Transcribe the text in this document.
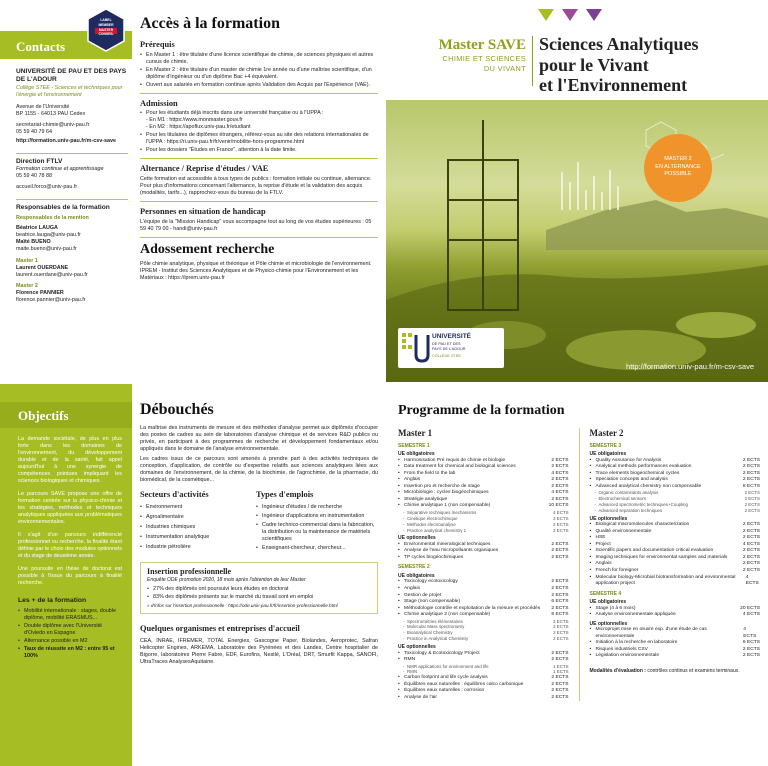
Contacts
LABEL MEMBER MASTER CONSEIL
UNIVERSITÉ DE PAU ET DES PAYS DE L'ADOUR
Collège STEE - Sciences et techniques pour l'énergie et l'environnement
Avenue de l'Université
BP 1155 - 64013 PAU Cedex
secretariat-chimie@univ-pau.fr
05 59 40 79 64
http://formation.univ-pau.fr/m-csv-save
Direction FTLV
Formation continue et apprentissage
05 59 40 78 88
accueil.forco@univ-pau.fr
Responsables de la formation
Responsables de la mention
Béatrice LAUGA
beatrice.lauga@univ-pau.fr
Maïté BUENO
maite.bueno@univ-pau.fr
Master 1
Laurent OUERDANE
laurent.ouerdane@univ-pau.fr
Master 2
Florence PANNIER
florence.pannier@univ-pau.fr
Accès à la formation
Prérequis
• En Master 1 : être titulaire d'une licence scientifique de chimie, de sciences physiques et autres cursus de chimie.
• En Master 2 : être titulaire d'un master de chimie 1re année ou d'une maîtrise scientifique, d'un diplôme d'ingénieur ou d'un diplôme Bac +4 équivalent.
• Ouvert aux salariés en formation continue après Validation des Acquis par l'Expérience (VAE).
Admission
• Pour les étudiants déjà inscrits dans une université française ou à l'UPPA :
- En M1 : https://www.monmaster.gouv.fr
- En M2 : https://apoflux.univ-pau.fr/etudiant
• Pour les titulaires de diplômes étrangers, référez-vous au site des relations internationales de l'UPPA : https://ri.univ-pau.fr/fr/venir/mobilite-hors-programme.html
• Pour les dossiers "Études en France", attention à la date limite.
Alternance / Reprise d'études / VAE
Cette formation est accessible à tous types de publics : formation initiale ou continue, alternance. Pour plus d'informations concernant l'alternance, la reprise d'étude et la validation des acquis (modalités, tarifs...), rapprochez-vous du bureau de la FTLV.
Personnes en situation de handicap
L'équipe de la "Mission Handicap" vous accompagne tout au long de vos études supérieures : 05 59 40 79 00 - handi@univ-pau.fr
Adossement recherche
Pôle chimie analytique, physique et théorique et Pôle chimie et microbiologie de l'environnement. IPREM - Institut des Sciences Analytiques et de Physico-chimie pour l'Environnement et les Matériaux : https://iprem.univ-pau.fr
Master SAVE
CHIMIE ET SCIENCES
DU VIVANT
Sciences Analytiques
pour le Vivant
et l'Environnement
MASTER 2
EN ALTERNANCE
POSSIBLE
UNIVERSITÉ
DE PAU ET DES
PAYS DE L'ADOUR
COLLÈGE STEE
http://formation.univ-pau.fr/m-csv-save
Objectifs
La demande sociétale, de plus en plus forte dans les domaines de l'environnement, du développement durable et de la santé, fait appel aujourd'hui à une synergie de compétences pointues impliquant les sciences biologiques et chimiques.
Le parcours SAVE propose une offre de formation centrée sur la physico-chimie et les stratégies, méthodes et techniques analytiques appliquées aux problématiques environnementales.
Il s'agit d'un parcours indifférencié professionnel ou recherche, la finalité étant définie par le choix des modules optionnels et du stage de deuxième année.
Une poursuite en thèse de doctorat est possible à l'issue du parcours à finalité recherche.
Les + de la formation
• Mobilité internationale : stages, double diplôme, mobilité ERASMUS...
• Double diplôme avec l'Université d'Oviedo en Espagne
• Alternance possible en M2
• Taux de réussite en M2 : entre 95 et 100%
Débouchés
La maîtrise des instruments de mesure et des méthodes d'analyse permet aux diplômés d'occuper des postes de cadres au sein de laboratoires d'analyse chimique et de services R&D publics ou privés, en participant à des programmes de recherche et développement fondamentaux et/ou appliqués dans le domaine de l'analyse environnementale.
Les cadres issus de ce parcours sont amenés à prendre part à des activités techniques de conception, d'application, de contrôle ou d'expertise relatifs aux sciences analytiques liées aux domaines de l'environnement, de la chimie, de la biochimie, de l'agrochimie, de la pharmacie, du biomédical, de la cosmétique...
Secteurs d'activités
• Environnement
• Agroalimentaire
• Industries chimiques
• Instrumentation analytique
• Industrie pétrolière
Types d'emplois
• Ingénieur d'études / de recherche
• Ingénieur d'applications en instrumentation
• Cadre technico-commercial dans la fabrication, la distribution ou la maintenance de matériels scientifiques
• Enseignant-chercheur, chercheur...
Insertion professionnelle
Enquête ODE promotion 2020, 18 mois après l'obtention de leur Master
• 27% des diplômés ont poursuivi leurs études en doctorat
• 83% des diplômés présents sur le marché du travail sont en emploi
» d'infos sur l'insertion professionnelle : https://ode.univ-pau.fr/fr/insertion-professionnelle.html
Quelques organismes et entreprises d'accueil
CEA, INRAE, IFREMER, TOTAL Energies, Gascogne Paper, Biolandes, Aeroprotec, Safran Helicopter Engines, ARKEMA, Laboratoire des Pyrénées et des Landes, Centre hospitalier de Bigorre, laboratoires Pierre Fabre, EDF, Eurofins, Nestlé, L'Oréal, DRT, Smurfit Kappa, SANOFI, UltraTraces AnalysesAquitaine.
Programme de la formation
Master 1
SEMESTRE 1
UE obligatoires
• Harmonisation Pré requis de chimie et biologie	2 ECTS
• Data treatment for chemical and biological sciences	2 ECTS
• From the field to the lab	4 ECTS
• Anglais	2 ECTS
• Insertion pro et recherche de stage	2 ECTS
• Microbiologie : cycles biogéochimiques	4 ECTS
• Stratégie analytique	2 ECTS
• Chimie analytique 1 (non compensable)	10 ECTS
- Séparative techniques mechanisms	4 ECTS
- Cinétique électrochimique	2 ECTS
- Méthodes électroanalyse	2 ECTS
- Practice analytical chemistry 1	2 ECTS
UE optionnelles
• Environmental mineralogical techniques	2 ECTS
• Analyse de l'eau micropolluants organiques	2 ECTS
• TP cycles biogéochimiques	2 ECTS
SEMESTRE 2
UE obligatoires
• Toxicology ecotoxicology	2 ECTS
• Anglais	2 ECTS
• Gestion de projet	2 ECTS
• Stage (non compensable)	6 ECTS
• Méthodologie contrôle et exploitation de la mesure et procédés 2 ECTS
• Chimie analytique 2 (non compensable)	8 ECTS
- Spectrométries élémentaires	2 ECTS
- Molecular Mass spectrometry	2 ECTS
- Bioanalytical Chemistry	2 ECTS
- Practice in Analytical Chemistry	2 ECTS
UE optionnelles
• Toxicology & Ecotoxicology Project	2 ECTS
• RMN	2 ECTS
- NMR applications for environment and life	1 ECTS
- RMN	1 ECTS
• Carbon footprint and life cycle analysis	2 ECTS
• Équilibres eaux naturelles : équilibres calco carbonique	2 ECTS
• Équilibres eaux naturelles : corrosion	2 ECTS
• Analyse de l'air	2 ECTS
Master 2
SEMESTRE 3
UE obligatoires
• Quality Assurance for Analysis	2 ECTS
• Analytical methods performances evaluation	2 ECTS
• Trace elements biogeochemical cycles	2 ECTS
• Speciation concepts and analysis	2 ECTS
• Advanced analytical chemistry non compensable	8 ECTS
- Organic contaminants analysis	2 ECTS
- Electrochemical sensors	2 ECTS
- Advanced spectrometric techniques+Coupling	2 ECTS
- Advanced separation techniques	2 ECTS
UE optionnelles
• Biological macromolecules characterization	2 ECTS
• Qualité environnementale	2 ECTS
• HSE	2 ECTS
• Project	4 ECTS
• Scientific papers and documentation critical evaluation	2 ECTS
• Imaging techniques for environmental samples and materials	2 ECTS
• Anglais	2 ECTS
• French for foreigner	2 ECTS
• Molecular biology-Microbial biotransformation and environmental application project
4 ECTS
SEMESTRE 4
UE obligatoires
• Stage (4 à 6 mois)	20 ECTS
• Analyse environnementale appliquée	4 ECTS
UE optionnelles
• Microprojet mise en œuvre exp. d'une étude de cas environnementale
4 ECTS
• Initiation à la recherche en laboratoire	6 ECTS
• Risques industriels CSV	2 ECTS
• Législation environnementale	2 ECTS
Modalités d'évaluation : contrôles continus et examens terminaux.
